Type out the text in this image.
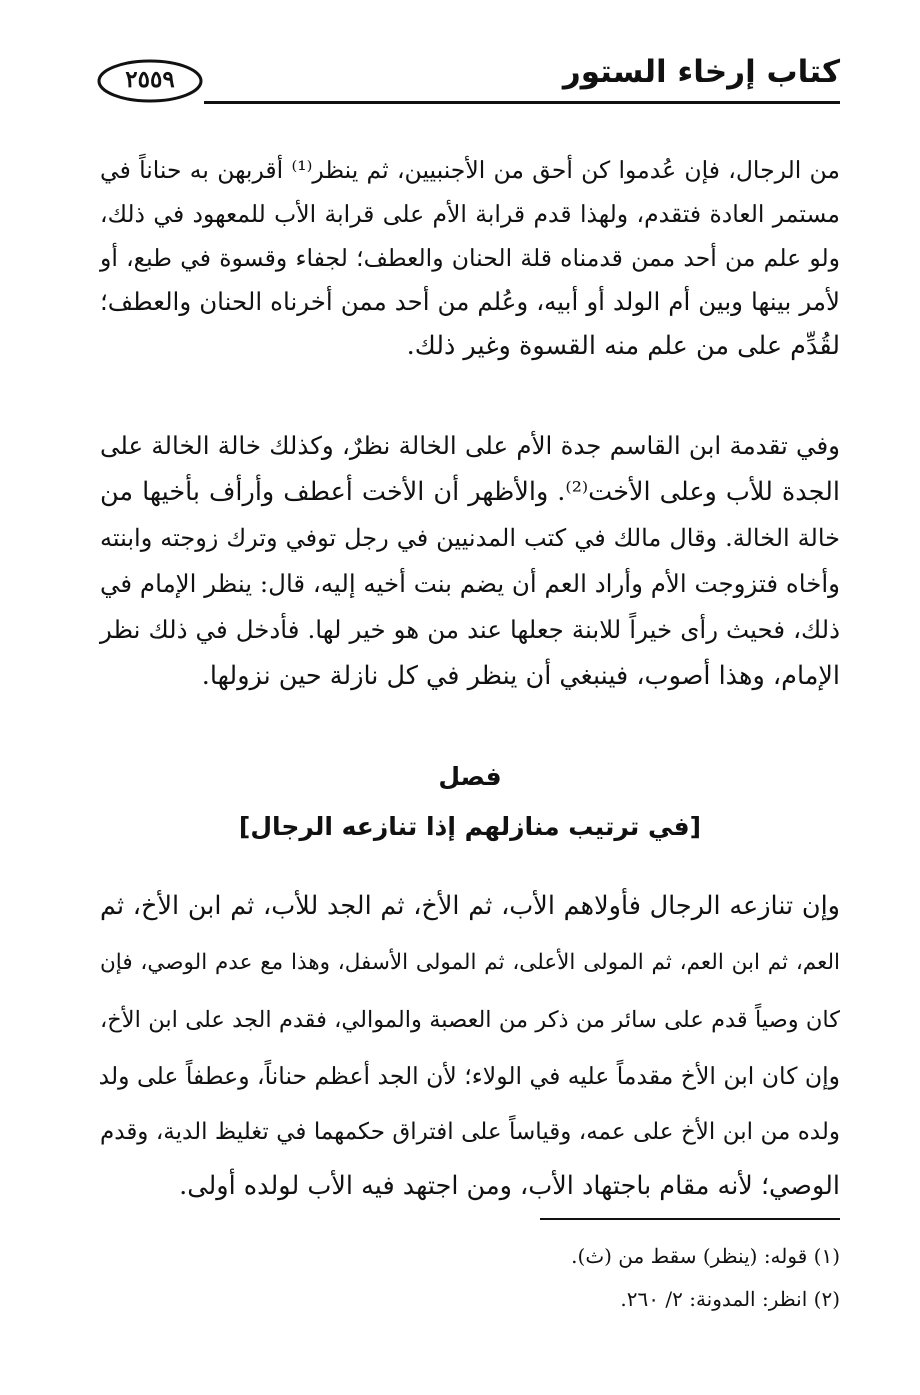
كتاب إرخاء الستور
٢٥٥٩
من الرجال، فإن عُدموا كن أحق من الأجنبيين، ثم ينظر⁽¹⁾ أقربهن به حناناً في
مستمر العادة فتقدم، ولهذا قدم قرابة الأم على قرابة الأب للمعهود في ذلك،
ولو علم من أحد ممن قدمناه قلة الحنان والعطف؛ لجفاء وقسوة في طبع، أو
لأمر بينها وبين أم الولد أو أبيه، وعُلم من أحد ممن أخرناه الحنان والعطف؛
لقُدِّم على من علم منه القسوة وغير ذلك.
وفي تقدمة ابن القاسم جدة الأم على الخالة نظرٌ، وكذلك خالة الخالة على
الجدة للأب وعلى الأخت⁽²⁾. والأظهر أن الأخت أعطف وأرأف بأخيها من
خالة الخالة. وقال مالك في كتب المدنيين في رجل توفي وترك زوجته وابنته
وأخاه فتزوجت الأم وأراد العم أن يضم بنت أخيه إليه، قال: ينظر الإمام في
ذلك، فحيث رأى خيراً للابنة جعلها عند من هو خير لها. فأدخل في ذلك نظر
الإمام، وهذا أصوب، فينبغي أن ينظر في كل نازلة حين نزولها.
فصل
[في ترتيب منازلهم إذا تنازعه الرجال]
وإن تنازعه الرجال فأولاهم الأب، ثم الأخ، ثم الجد للأب، ثم ابن الأخ، ثم
العم، ثم ابن العم، ثم المولى الأعلى، ثم المولى الأسفل، وهذا مع عدم الوصي، فإن
كان وصياً قدم على سائر من ذكر من العصبة والموالي، فقدم الجد على ابن الأخ،
وإن كان ابن الأخ مقدماً عليه في الولاء؛ لأن الجد أعظم حناناً، وعطفاً على ولد
ولده من ابن الأخ على عمه، وقياساً على افتراق حكمهما في تغليظ الدية، وقدم
الوصي؛ لأنه مقام باجتهاد الأب، ومن اجتهد فيه الأب لولده أولى.
(١) قوله: (ينظر) سقط من (ث).
(٢) انظر: المدونة: ٢/ ٢٦٠.
